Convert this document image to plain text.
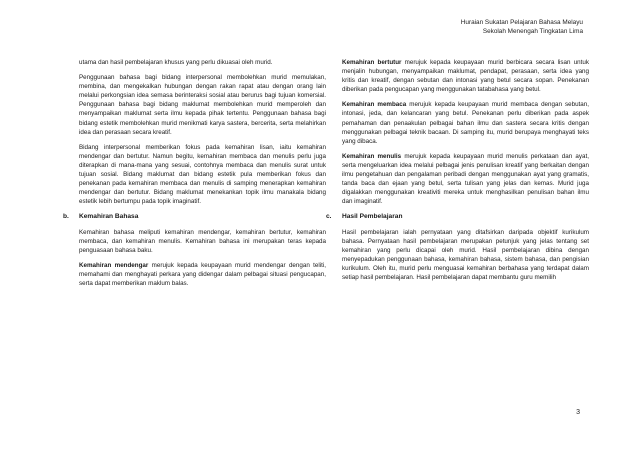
Huraian Sukatan Pelajaran Bahasa Melayu
Sekolah Menengah Tingkatan Lima

utama dan hasil pembelajaran khusus yang perlu dikuasai oleh murid.

Penggunaan bahasa bagi bidang interpersonal membolehkan murid memulakan, membina, dan mengekalkan hubungan dengan rakan rapat atau dengan orang lain melalui perkongsian idea semasa berinteraksi sosial atau berurus bagi tujuan komersial. Penggunaan bahasa bagi bidang maklumat membolehkan murid memperoleh dan menyampaikan maklumat serta ilmu kepada pihak tertentu. Penggunaan bahasa bagi bidang estetik membolehkan murid menikmati karya sastera, bercerita, serta melahirkan idea dan perasaan secara kreatif.

Bidang interpersonal memberikan fokus pada kemahiran lisan, iaitu kemahiran mendengar dan bertutur. Namun begitu, kemahiran membaca dan menulis perlu juga diterapkan di mana-mana yang sesuai, contohnya membaca dan menulis surat untuk tujuan sosial. Bidang maklumat dan bidang estetik pula memberikan fokus dan penekanan pada kemahiran membaca dan menulis di samping menerapkan kemahiran mendengar dan bertutur. Bidang maklumat menekankan topik ilmu manakala bidang estetik lebih bertumpu pada topik imaginatif.

b. Kemahiran Bahasa

Kemahiran bahasa meliputi kemahiran mendengar, kemahiran bertutur, kemahiran membaca, dan kemahiran menulis. Kemahiran bahasa ini merupakan teras kepada penguasaan bahasa baku.

Kemahiran mendengar merujuk kepada keupayaan murid mendengar dengan teliti, memahami dan menghayati perkara yang didengar dalam pelbagai situasi pengucapan, serta dapat memberikan maklum balas.

Kemahiran bertutur merujuk kepada keupayaan murid berbicara secara lisan untuk menjalin hubungan, menyampaikan maklumat, pendapat, perasaan, serta idea yang kritis dan kreatif, dengan sebutan dan intonasi yang betul secara sopan. Penekanan diberikan pada pengucapan yang menggunakan tatabahasa yang betul.

Kemahiran membaca merujuk kepada keupayaan murid membaca dengan sebutan, intonasi, jeda, dan kelancaran yang betul. Penekanan perlu diberikan pada aspek pemahaman dan penaakulan pelbagai bahan ilmu dan sastera secara kritis dengan menggunakan pelbagai teknik bacaan. Di samping itu, murid berupaya menghayati teks yang dibaca.

Kemahiran menulis merujuk kepada keupayaan murid menulis perkataan dan ayat, serta mengeluarkan idea melalui pelbagai jenis penulisan kreatif yang berkaitan dengan ilmu pengetahuan dan pengalaman peribadi dengan menggunakan ayat yang gramatis, tanda baca dan ejaan yang betul, serta tulisan yang jelas dan kemas. Murid juga digalakkan menggunakan kreativiti mereka untuk menghasilkan penulisan bahan ilmu dan imaginatif.

c. Hasil Pembelajaran

Hasil pembelajaran ialah pernyataan yang ditafsirkan daripada objektif kurikulum bahasa. Pernyataan hasil pembelajaran merupakan petunjuk yang jelas tentang set kemahiran yang perlu dicapai oleh murid. Hasil pembelajaran dibina dengan menyepadukan penggunaan bahasa, kemahiran bahasa, sistem bahasa, dan pengisian kurikulum. Oleh itu, murid perlu menguasai kemahiran berbahasa yang terdapat dalam setiap hasil pembelajaran. Hasil pembelajaran dapat membantu guru memilih

3
